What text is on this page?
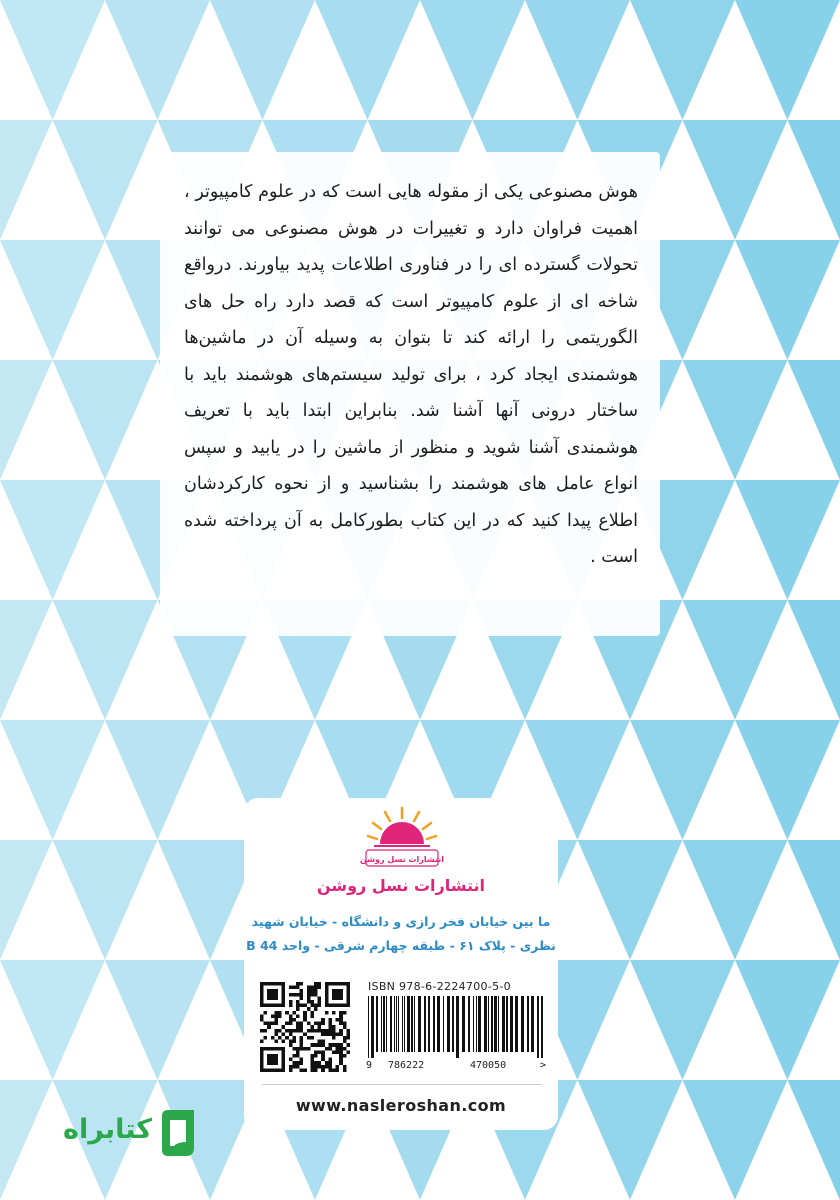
هوش مصنوعی یکی از مقوله هایی است که در علوم کامپیوتر ، اهمیت فراوان دارد و تغییرات در هوش مصنوعی می توانند تحولات گسترده ای را در فناوری اطلاعات پدید بیاورند. درواقع شاخه ای از علوم کامپیوتر است که قصد دارد راه حل های الگوریتمی را ارائه کند تا بتوان به وسیله آن در ماشین‌ها هوشمندی ایجاد کرد ، برای تولید سیستم‌های هوشمند باید با ساختار درونی آنها آشنا شد. بنابراین ابتدا باید با تعریف هوشمندی آشنا شوید و منظور از ماشین را در یابید و سپس انواع عامل های هوشمند را بشناسید و از نحوه کارکردشان اطلاع پیدا کنید که در این کتاب بطورکامل به آن پرداخته شده است .

انتشارات نسل روشن
انتشارات نسل روشن
ما بین خیابان فخر رازی و دانشگاه - خیابان شهید
نظری - پلاک ۶۱ - طبقه چهارم شرقی - واحد B 44
ISBN 978-6-2224700-5-0
9 786222	470050	>
www.nasleroshan.com
کتابراه
